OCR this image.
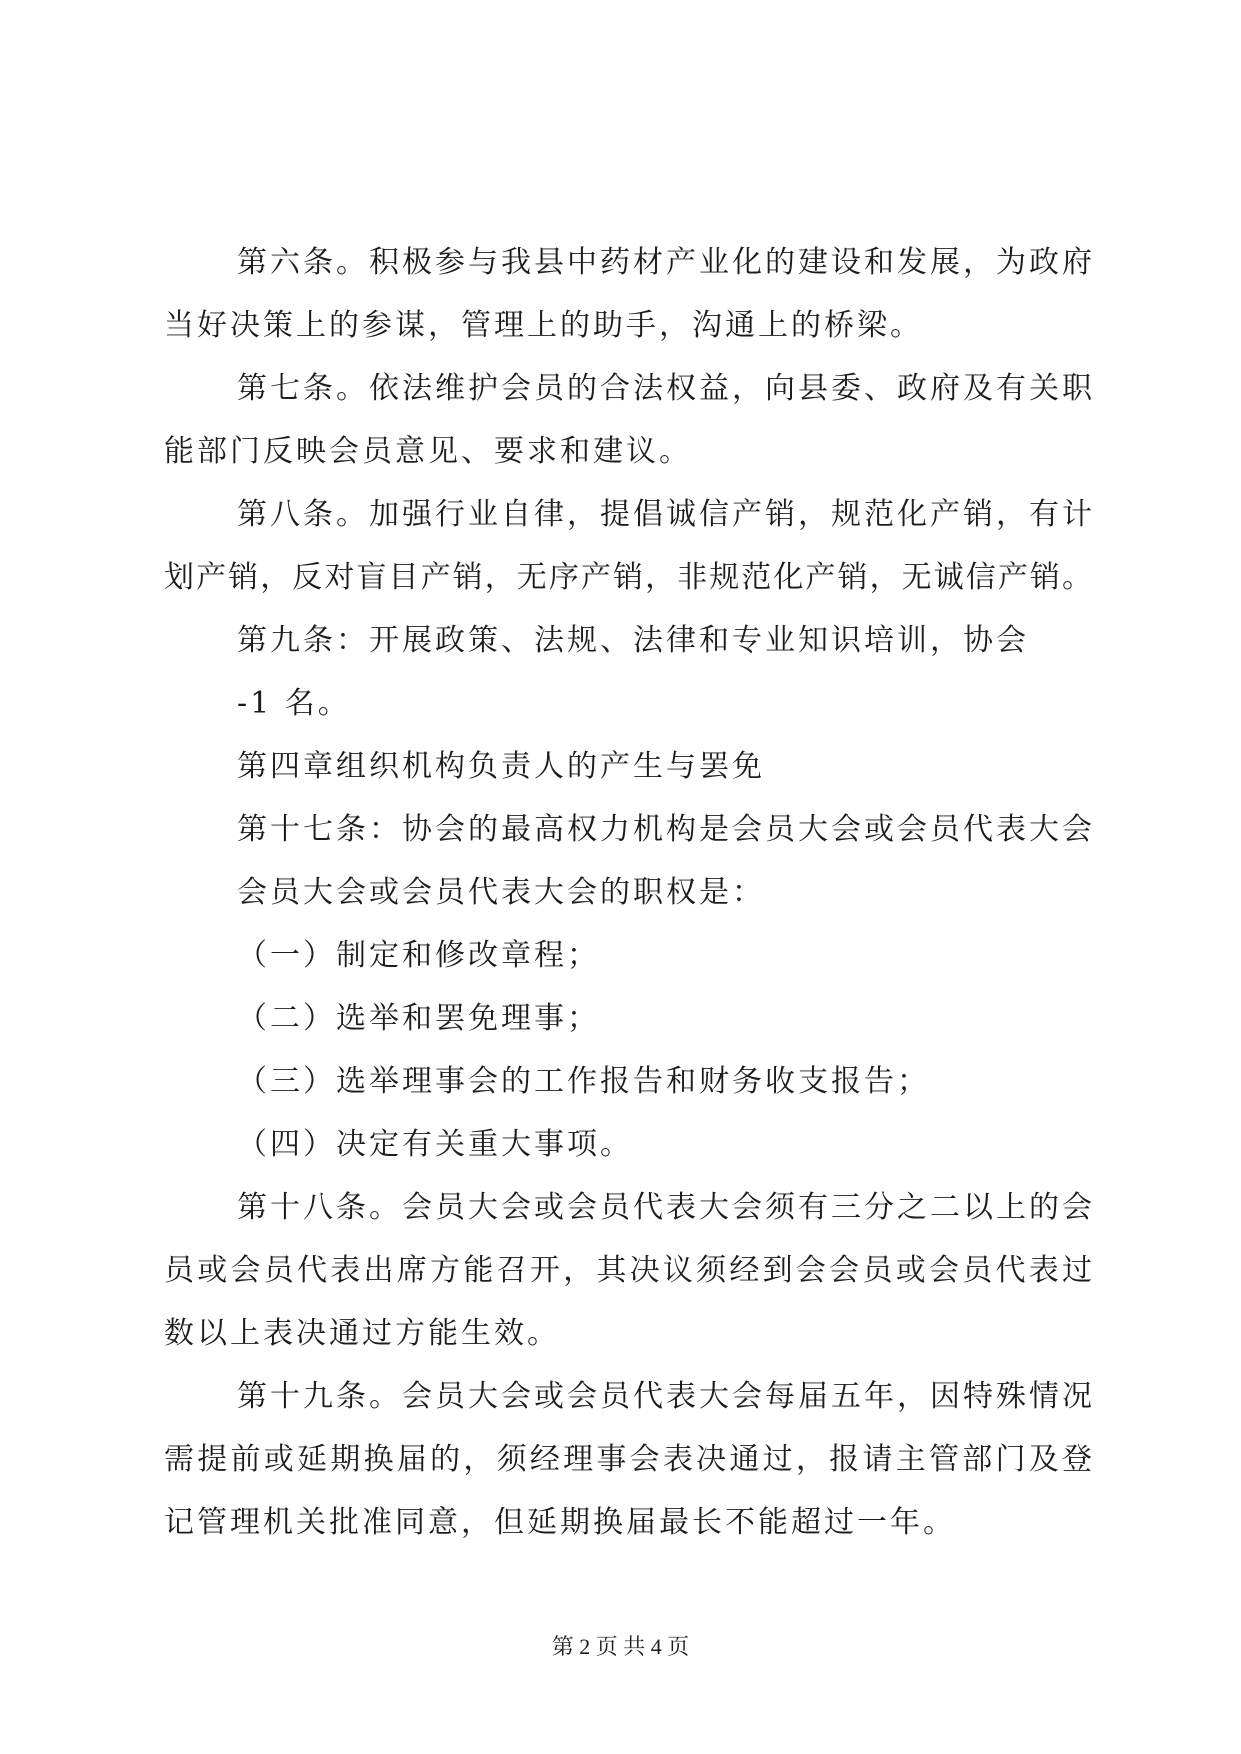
第六条。积极参与我县中药材产业化的建设和发展，为政府
当好决策上的参谋，管理上的助手，沟通上的桥梁。
第七条。依法维护会员的合法权益，向县委、政府及有关职
能部门反映会员意见、要求和建议。
第八条。加强行业自律，提倡诚信产销，规范化产销，有计
划产销，反对盲目产销，无序产销，非规范化产销，无诚信产销。
第九条：开展政策、法规、法律和专业知识培训，协会
-1 名。
第四章组织机构负责人的产生与罢免
第十七条：协会的最高权力机构是会员大会或会员代表大会
会员大会或会员代表大会的职权是：
（一）制定和修改章程；
（二）选举和罢免理事；
（三）选举理事会的工作报告和财务收支报告；
（四）决定有关重大事项。
第十八条。会员大会或会员代表大会须有三分之二以上的会
员或会员代表出席方能召开，其决议须经到会会员或会员代表过
数以上表决通过方能生效。
第十九条。会员大会或会员代表大会每届五年，因特殊情况
需提前或延期换届的，须经理事会表决通过，报请主管部门及登
记管理机关批准同意，但延期换届最长不能超过一年。
第 2 页 共 4 页
